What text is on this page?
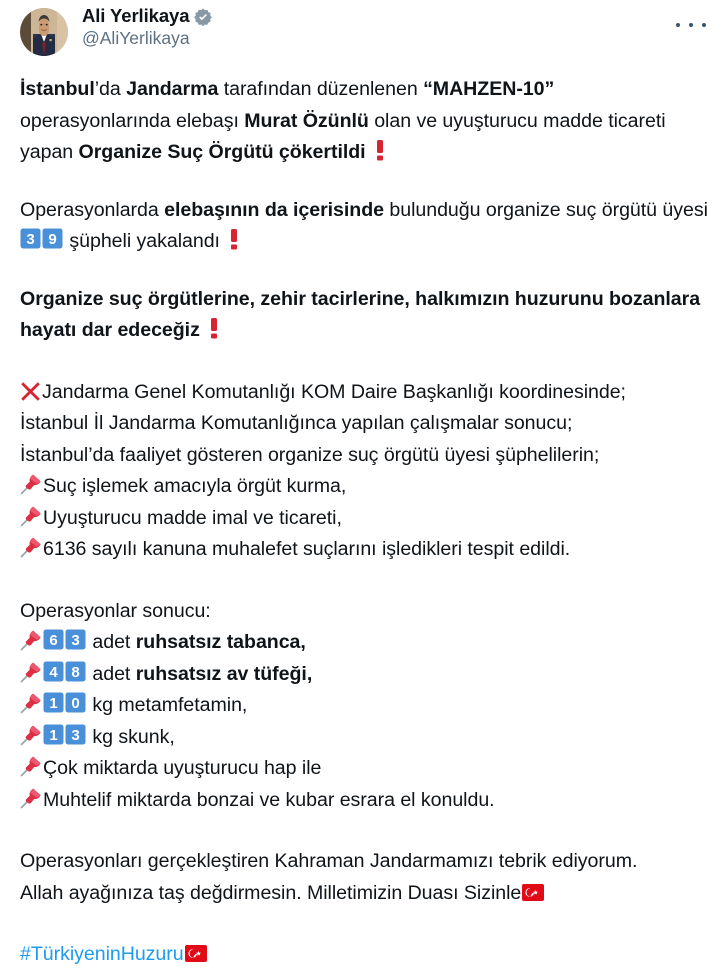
Ali Yerlikaya
@AliYerlikaya

İstanbul’da Jandarma tarafından düzenlenen “MAHZEN-10” operasyonlarında elebaşı Murat Özünlü olan ve uyuşturucu madde ticareti yapan Organize Suç Örgütü çökertildi

Operasyonlarda elebaşının da içerisinde bulunduğu organize suç örgütü üyesi
3 9 şüpheli yakalandı

Organize suç örgütlerine, zehir tacirlerine, halkımızın huzurunu bozanlara hayatı dar edeceğiz

Jandarma Genel Komutanlığı KOM Daire Başkanlığı koordinesinde;
İstanbul İl Jandarma Komutanlığınca yapılan çalışmalar sonucu;
İstanbul’da faaliyet gösteren organize suç örgütü üyesi şüphelilerin;
Suç işlemek amacıyla örgüt kurma,
Uyuşturucu madde imal ve ticareti,
6136 sayılı kanuna muhalefet suçlarını işledikleri tespit edildi.
Operasyonlar sonucu:
6 3 adet ruhsatsız tabanca,
4 8 adet ruhsatsız av tüfeği,
1 0 kg metamfetamin,
1 3 kg skunk,
Çok miktarda uyuşturucu hap ile
Muhtelif miktarda bonzai ve kubar esrara el konuldu.
Operasyonları gerçekleştiren Kahraman Jandarmamızı tebrik ediyorum.
Allah ayağınıza taş değdirmesin. Milletimizin Duası Sizinle
#TürkiyeninHuzuru
